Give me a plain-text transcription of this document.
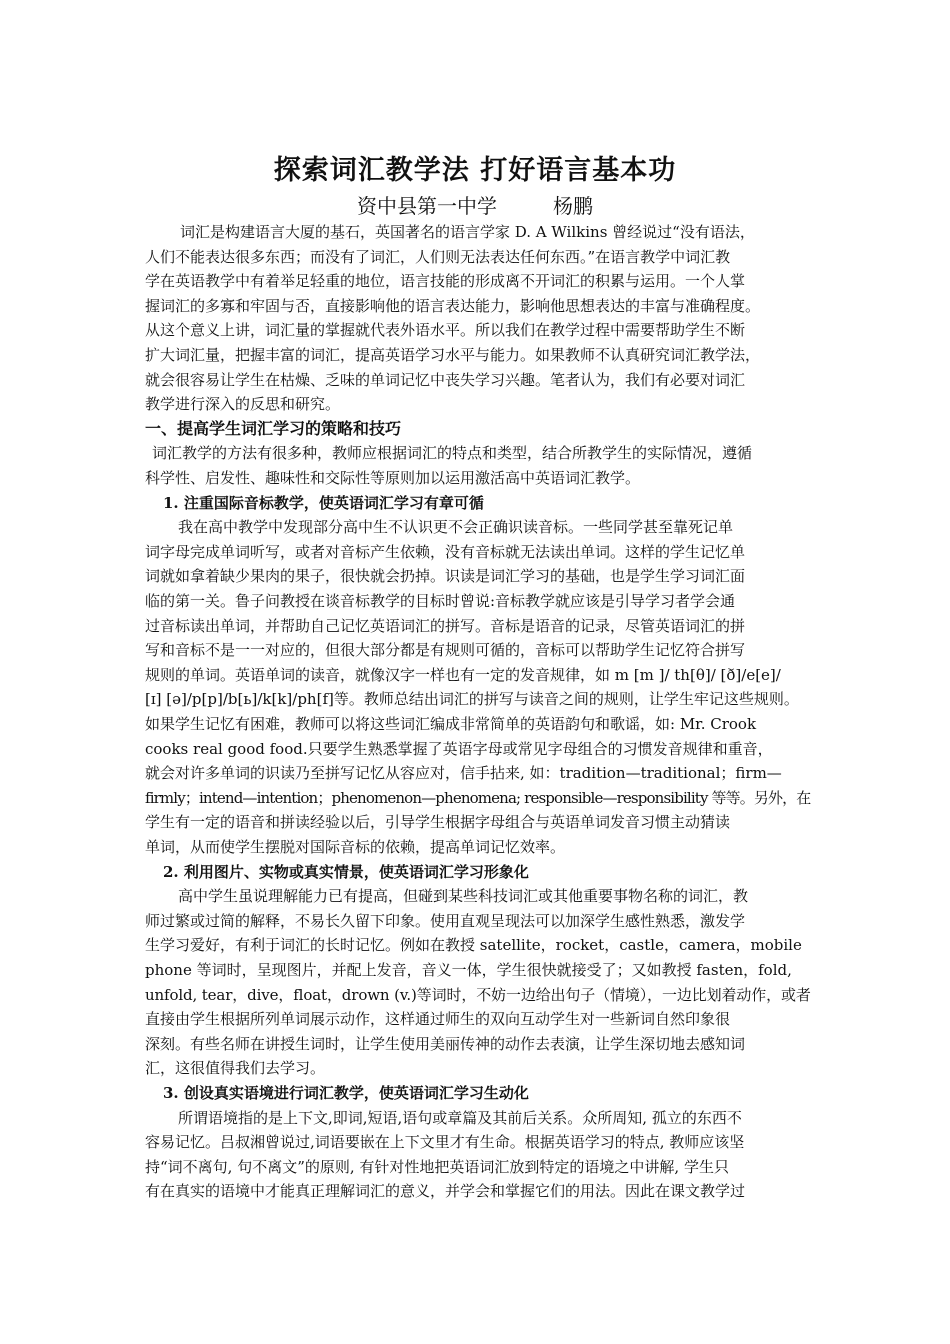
探索词汇教学法 打好语言基本功
资中县第一中学	杨鹏
词汇是构建语言大厦的基石，英国著名的语言学家 D. A Wilkins 曾经说过“没有语法，
人们不能表达很多东西；而没有了词汇，人们则无法表达任何东西。”在语言教学中词汇教
学在英语教学中有着举足轻重的地位，语言技能的形成离不开词汇的积累与运用。一个人掌
握词汇的多寡和牢固与否，直接影响他的语言表达能力，影响他思想表达的丰富与准确程度。
从这个意义上讲，词汇量的掌握就代表外语水平。所以我们在教学过程中需要帮助学生不断
扩大词汇量，把握丰富的词汇，提高英语学习水平与能力。如果教师不认真研究词汇教学法，
就会很容易让学生在枯燥、乏味的单词记忆中丧失学习兴趣。笔者认为，我们有必要对词汇
教学进行深入的反思和研究。
一、提高学生词汇学习的策略和技巧
词汇教学的方法有很多种，教师应根据词汇的特点和类型，结合所教学生的实际情况，遵循
科学性、启发性、趣味性和交际性等原则加以运用激活高中英语词汇教学。
1. 注重国际音标教学，使英语词汇学习有章可循
我在高中教学中发现部分高中生不认识更不会正确识读音标。一些同学甚至靠死记单
词字母完成单词听写，或者对音标产生依赖，没有音标就无法读出单词。这样的学生记忆单
词就如拿着缺少果肉的果子，很快就会扔掉。识读是词汇学习的基础，也是学生学习词汇面
临的第一关。鲁子问教授在谈音标教学的目标时曾说:音标教学就应该是引导学习者学会通
过音标读出单词，并帮助自己记忆英语词汇的拼写。音标是语音的记录，尽管英语词汇的拼
写和音标不是一一对应的，但很大部分都是有规则可循的，音标可以帮助学生记忆符合拼写
规则的单词。英语单词的读音，就像汉字一样也有一定的发音规律，如 m [m ]/ th[θ]/ [ð]/e[e]/
[ɪ] [ə]/p[p]/b[ь]/k[k]/ph[f]等。教师总结出词汇的拼写与读音之间的规则，让学生牢记这些规则。
如果学生记忆有困难，教师可以将这些词汇编成非常简单的英语韵句和歌谣，如: Mr. Crook
cooks real good food.只要学生熟悉掌握了英语字母或常见字母组合的习惯发音规律和重音，
就会对许多单词的识读乃至拼写记忆从容应对，信手拈来, 如：tradition—traditional；firm—
firmly；intend—intention；phenomenon—phenomena; responsible—responsibility 等等。另外，在
学生有一定的语音和拼读经验以后，引导学生根据字母组合与英语单词发音习惯主动猜读
单词，从而使学生摆脱对国际音标的依赖，提高单词记忆效率。
2. 利用图片、实物或真实情景，使英语词汇学习形象化
高中学生虽说理解能力已有提高，但碰到某些科技词汇或其他重要事物名称的词汇，教
师过繁或过简的解释，不易长久留下印象。使用直观呈现法可以加深学生感性熟悉，激发学
生学习爱好，有利于词汇的长时记忆。例如在教授 satellite，rocket，castle，camera，mobile
phone 等词时，呈现图片，并配上发音，音义一体，学生很快就接受了；又如教授 fasten，fold,
unfold, tear，dive，float，drown (v.)等词时，不妨一边给出句子（情境），一边比划着动作，或者
直接由学生根据所列单词展示动作，这样通过师生的双向互动学生对一些新词自然印象很
深刻。有些名师在讲授生词时，让学生使用美丽传神的动作去表演，让学生深切地去感知词
汇，这很值得我们去学习。
3. 创设真实语境进行词汇教学，使英语词汇学习生动化
所谓语境指的是上下文,即词,短语,语句或章篇及其前后关系。众所周知, 孤立的东西不
容易记忆。吕叔湘曾说过,词语要嵌在上下文里才有生命。根据英语学习的特点, 教师应该坚
持“词不离句, 句不离文”的原则, 有针对性地把英语词汇放到特定的语境之中讲解, 学生只
有在真实的语境中才能真正理解词汇的意义，并学会和掌握它们的用法。因此在课文教学过
